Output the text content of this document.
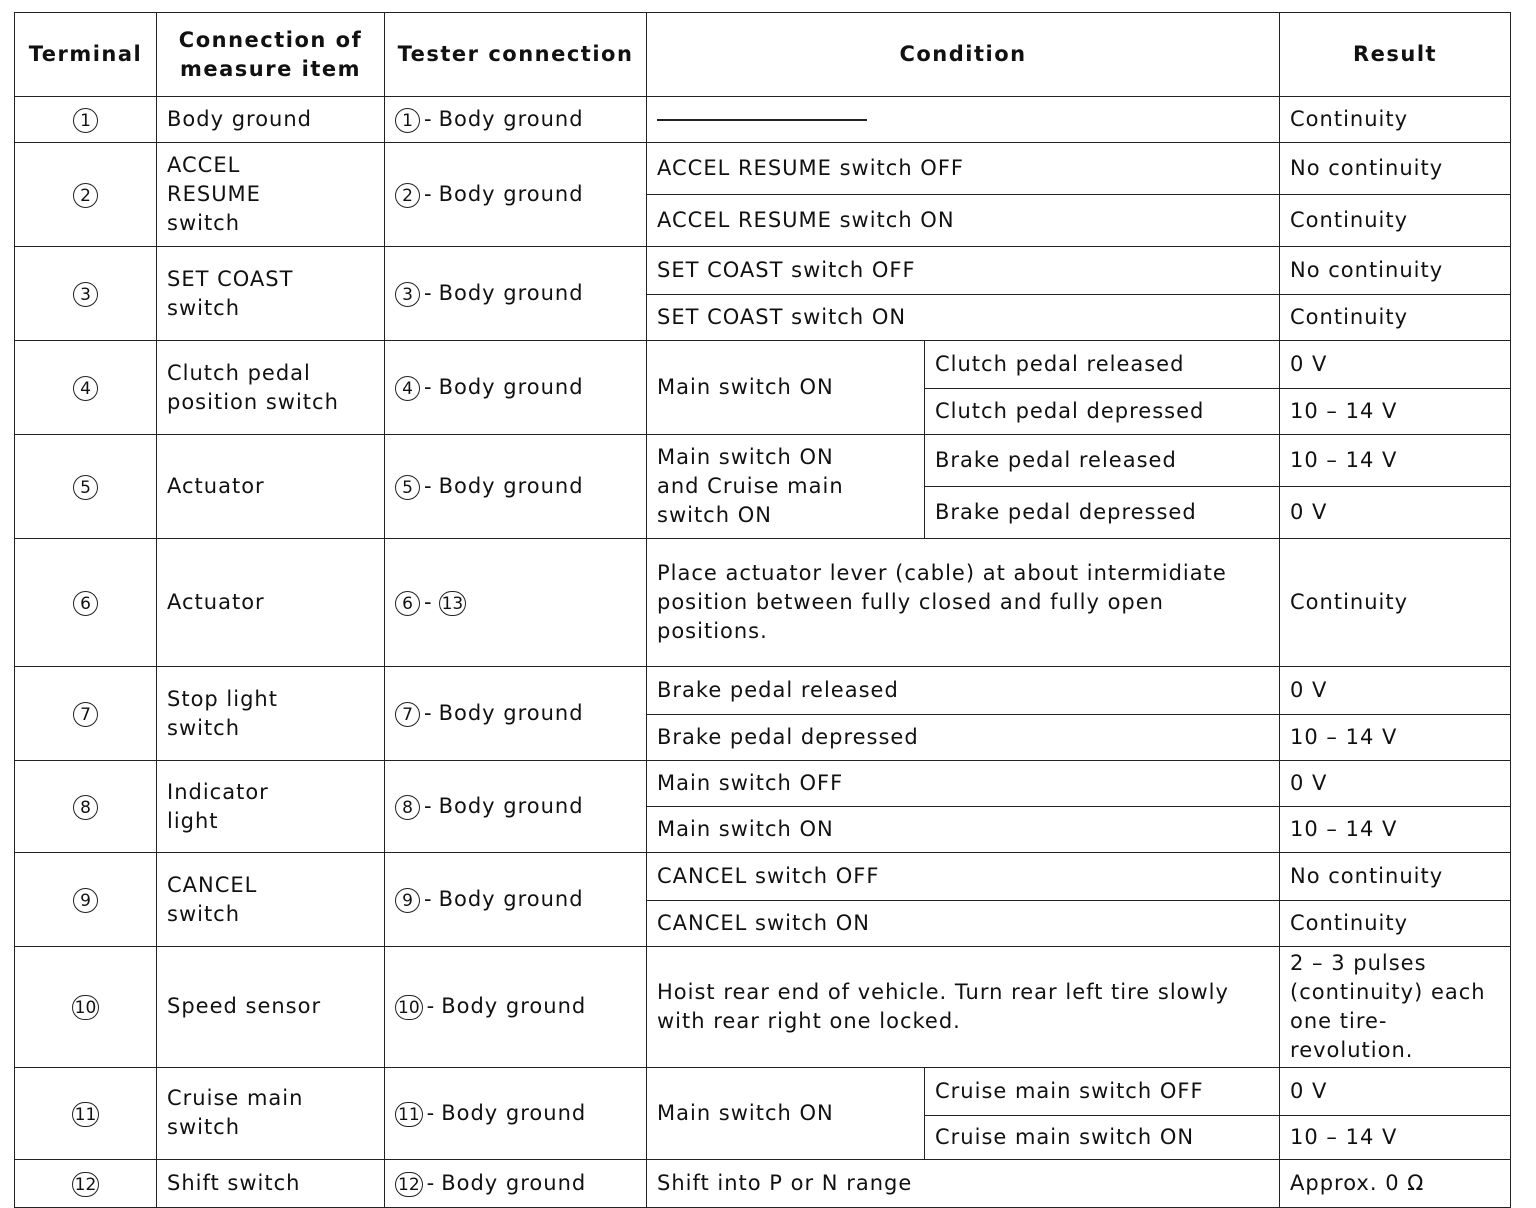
Terminal	Connection of
measure item	Tester connection	Condition		Result
1	Body ground	1 - Body ground			Continuity
2	ACCEL
RESUME
switch	2 - Body ground	ACCEL RESUME switch OFF		No continuity
			ACCEL RESUME switch ON		Continuity
3	SET COAST
switch	3 - Body ground	SET COAST switch OFF		No continuity
			SET COAST switch ON		Continuity
4	Clutch pedal
position switch	4 - Body ground	Main switch ON	Clutch pedal released	0 V
				Clutch pedal depressed	10 – 14 V
5	Actuator	5 - Body ground	Main switch ON
and Cruise main
switch ON	Brake pedal released	10 – 14 V
				Brake pedal depressed	0 V
6	Actuator	6 - 13	Place actuator lever (cable) at about intermidiate position between fully closed and fully open positions.		Continuity
7	Stop light
switch	7 - Body ground	Brake pedal released		0 V
			Brake pedal depressed		10 – 14 V
8	Indicator
light	8 - Body ground	Main switch OFF		0 V
			Main switch ON		10 – 14 V
9	CANCEL
switch	9 - Body ground	CANCEL switch OFF		No continuity
			CANCEL switch ON		Continuity
10	Speed sensor	10 - Body ground	Hoist rear end of vehicle. Turn rear left tire slowly with rear right one locked.		2 – 3 pulses
(continuity) each
one tire-revolution.
11	Cruise main
switch	11 - Body ground	Main switch ON	Cruise main switch OFF	0 V
				Cruise main switch ON	10 – 14 V
12	Shift switch	12 - Body ground	Shift into P or N range		Approx. 0 Ω
